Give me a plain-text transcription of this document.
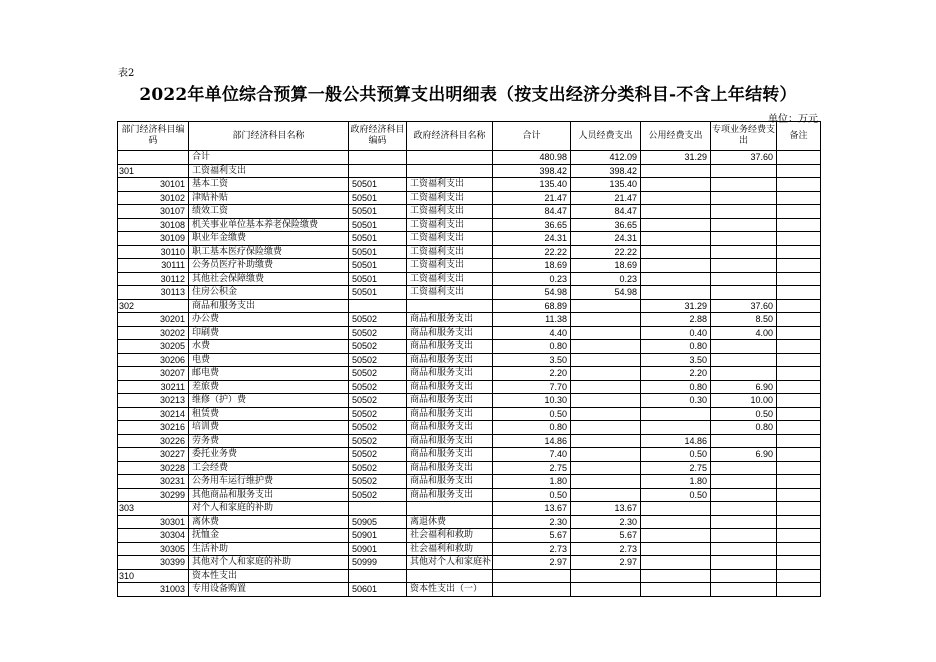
表2
2022年单位综合预算一般公共预算支出明细表（按支出经济分类科目-不含上年结转）
单位：万元
部门经济科目编码	部门经济科目名称	政府经济科目编码	政府经济科目名称	合计	人员经费支出	公用经费支出	专项业务经费支出	备注
	合计			480.98	412.09	31.29	37.60	
301	工资福利支出			398.42	398.42			
30101	基本工资	50501	工资福利支出	135.40	135.40			
30102	津贴补贴	50501	工资福利支出	21.47	21.47			
30107	绩效工资	50501	工资福利支出	84.47	84.47			
30108	机关事业单位基本养老保险缴费	50501	工资福利支出	36.65	36.65			
30109	职业年金缴费	50501	工资福利支出	24.31	24.31			
30110	职工基本医疗保险缴费	50501	工资福利支出	22.22	22.22			
30111	公务员医疗补助缴费	50501	工资福利支出	18.69	18.69			
30112	其他社会保障缴费	50501	工资福利支出	0.23	0.23			
30113	住房公积金	50501	工资福利支出	54.98	54.98			
302	商品和服务支出			68.89		31.29	37.60	
30201	办公费	50502	商品和服务支出	11.38		2.88	8.50	
30202	印刷费	50502	商品和服务支出	4.40		0.40	4.00	
30205	水费	50502	商品和服务支出	0.80		0.80		
30206	电费	50502	商品和服务支出	3.50		3.50		
30207	邮电费	50502	商品和服务支出	2.20		2.20		
30211	差旅费	50502	商品和服务支出	7.70		0.80	6.90	
30213	维修（护）费	50502	商品和服务支出	10.30		0.30	10.00	
30214	租赁费	50502	商品和服务支出	0.50			0.50	
30216	培训费	50502	商品和服务支出	0.80			0.80	
30226	劳务费	50502	商品和服务支出	14.86		14.86		
30227	委托业务费	50502	商品和服务支出	7.40		0.50	6.90	
30228	工会经费	50502	商品和服务支出	2.75		2.75		
30231	公务用车运行维护费	50502	商品和服务支出	1.80		1.80		
30299	其他商品和服务支出	50502	商品和服务支出	0.50		0.50		
303	对个人和家庭的补助			13.67	13.67			
30301	离休费	50905	离退休费	2.30	2.30			
30304	抚恤金	50901	社会福利和救助	5.67	5.67			
30305	生活补助	50901	社会福利和救助	2.73	2.73			
30399	其他对个人和家庭的补助	50999	其他对个人和家庭补	2.97	2.97			
310	资本性支出							
31003	专用设备购置	50601	资本性支出（一）					
